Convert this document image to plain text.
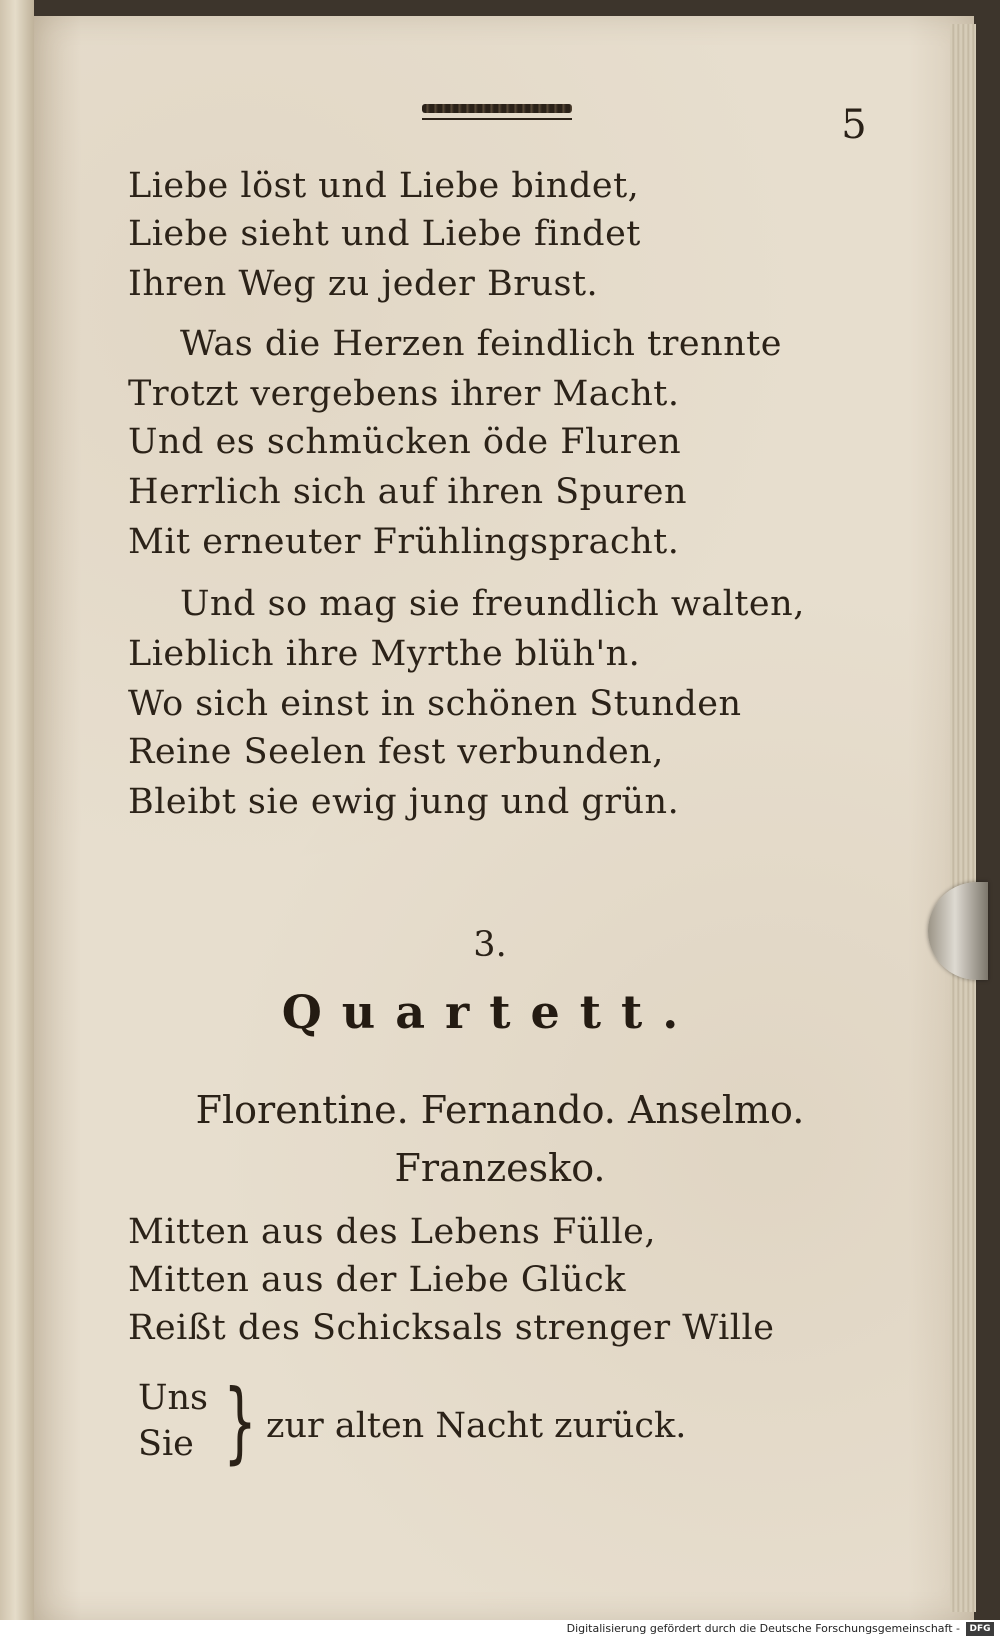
5
Liebe löst und Liebe bindet,
Liebe sieht und Liebe findet
Ihren Weg zu jeder Brust.
Was die Herzen feindlich trennte
Trotzt vergebens ihrer Macht.
Und es schmücken öde Fluren
Herrlich sich auf ihren Spuren
Mit erneuter Frühlingspracht.
Und so mag sie freundlich walten,
Lieblich ihre Myrthe blüh'n.
Wo sich einst in schönen Stunden
Reine Seelen fest verbunden,
Bleibt sie ewig jung und grün.
3.
Quartett.
Florentine. Fernando. Anselmo.
Franzesko.
Mitten aus des Lebens Fülle,
Mitten aus der Liebe Glück
Reißt des Schicksals strenger Wille
Uns
Sie } zur alten Nacht zurück.
Digitalisierung gefördert durch die Deutsche Forschungsgemeinschaft -	DFG
